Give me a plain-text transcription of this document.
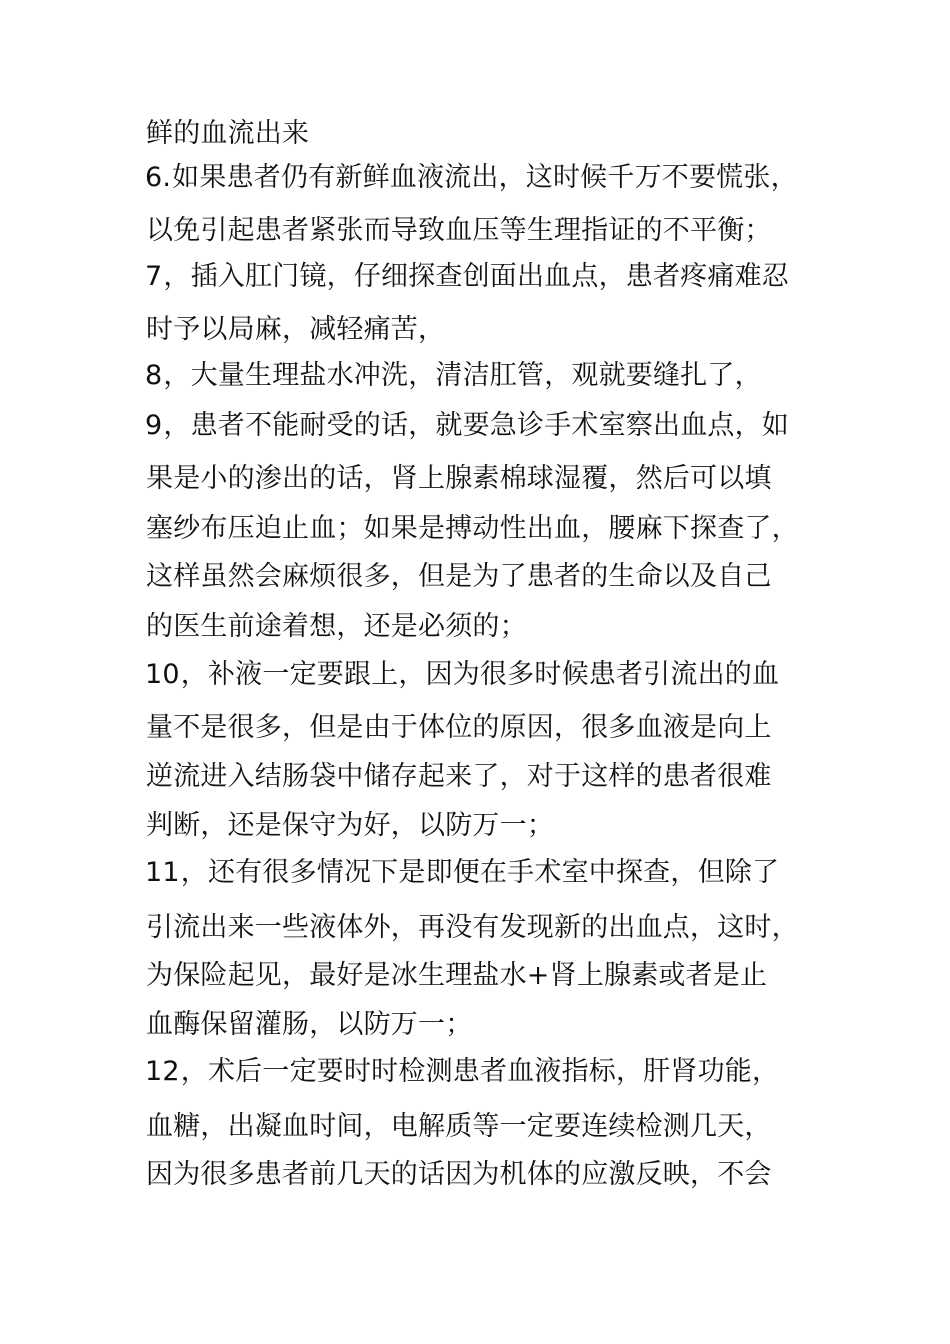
鲜的血流出来
6.如果患者仍有新鲜血液流出，这时候千万不要慌张，
以免引起患者紧张而导致血压等生理指证的不平衡；
7，插入肛门镜，仔细探查创面出血点，患者疼痛难忍
时予以局麻，减轻痛苦，
8，大量生理盐水冲洗，清洁肛管，观就要缝扎了，
9，患者不能耐受的话，就要急诊手术室察出血点，如
果是小的渗出的话，肾上腺素棉球湿覆，然后可以填
塞纱布压迫止血；如果是搏动性出血，腰麻下探查了，
这样虽然会麻烦很多，但是为了患者的生命以及自己
的医生前途着想，还是必须的；
10，补液一定要跟上，因为很多时候患者引流出的血
量不是很多，但是由于体位的原因，很多血液是向上
逆流进入结肠袋中储存起来了，对于这样的患者很难
判断，还是保守为好，以防万一；
11，还有很多情况下是即便在手术室中探查，但除了
引流出来一些液体外，再没有发现新的出血点，这时，
为保险起见，最好是冰生理盐水+肾上腺素或者是止
血酶保留灌肠，以防万一；
12，术后一定要时时检测患者血液指标，肝肾功能，
血糖，出凝血时间，电解质等一定要连续检测几天，
因为很多患者前几天的话因为机体的应激反映，不会
